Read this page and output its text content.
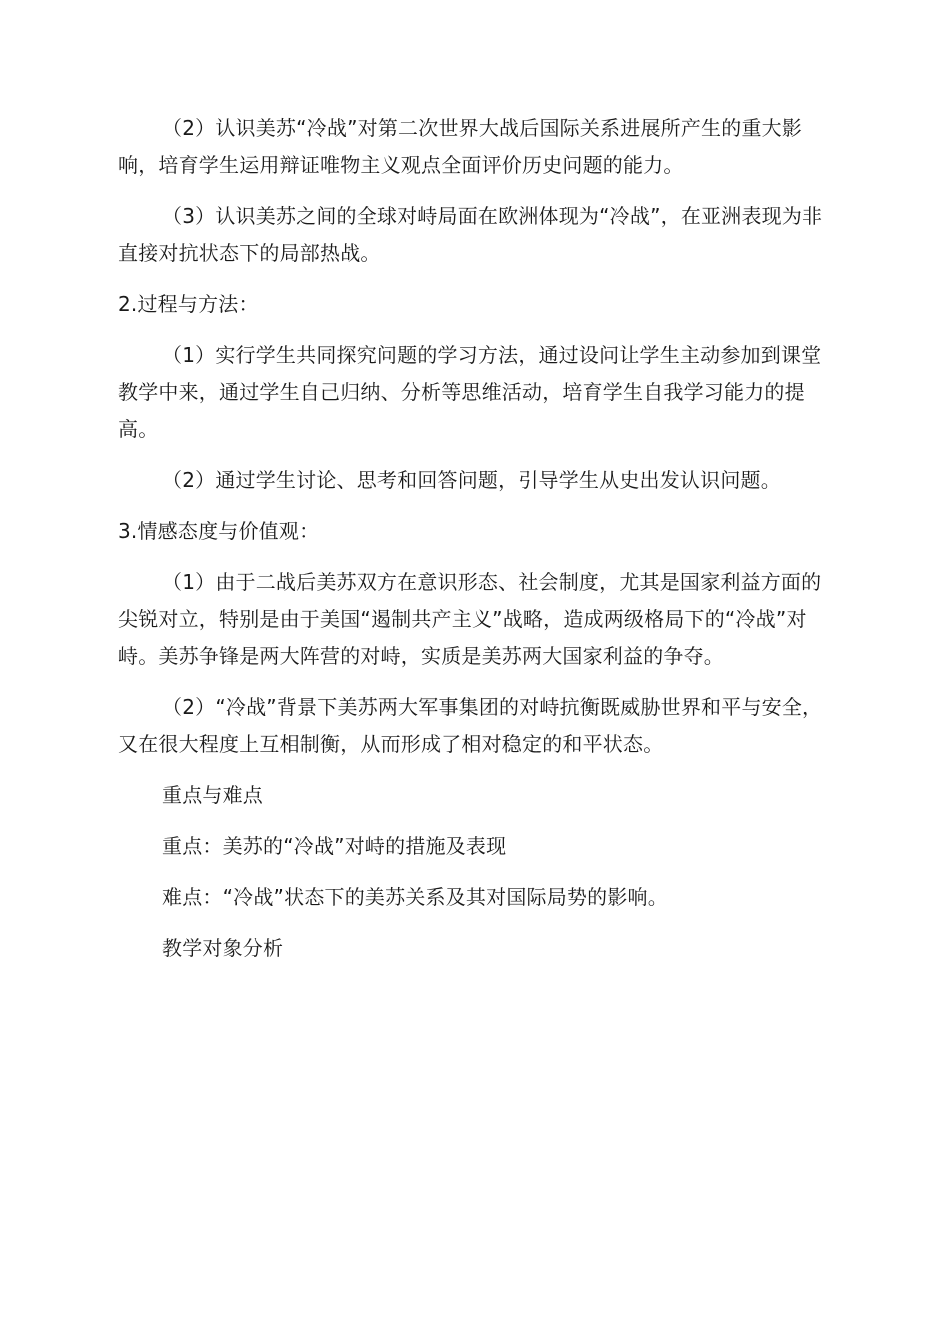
（2）认识美苏“冷战”对第二次世界大战后国际关系进展所产生的重大影响，培育学生运用辩证唯物主义观点全面评价历史问题的能力。

（3）认识美苏之间的全球对峙局面在欧洲体现为“冷战”，在亚洲表现为非直接对抗状态下的局部热战。

2.过程与方法：

（1）实行学生共同探究问题的学习方法，通过设问让学生主动参加到课堂教学中来，通过学生自己归纳、分析等思维活动，培育学生自我学习能力的提高。

（2）通过学生讨论、思考和回答问题，引导学生从史出发认识问题。

3.情感态度与价值观：

（1）由于二战后美苏双方在意识形态、社会制度，尤其是国家利益方面的尖锐对立，特别是由于美国“遏制共产主义”战略，造成两级格局下的“冷战”对峙。美苏争锋是两大阵营的对峙，实质是美苏两大国家利益的争夺。

（2）“冷战”背景下美苏两大军事集团的对峙抗衡既威胁世界和平与安全，又在很大程度上互相制衡，从而形成了相对稳定的和平状态。

重点与难点

重点：美苏的“冷战”对峙的措施及表现

难点：“冷战”状态下的美苏关系及其对国际局势的影响。

教学对象分析
